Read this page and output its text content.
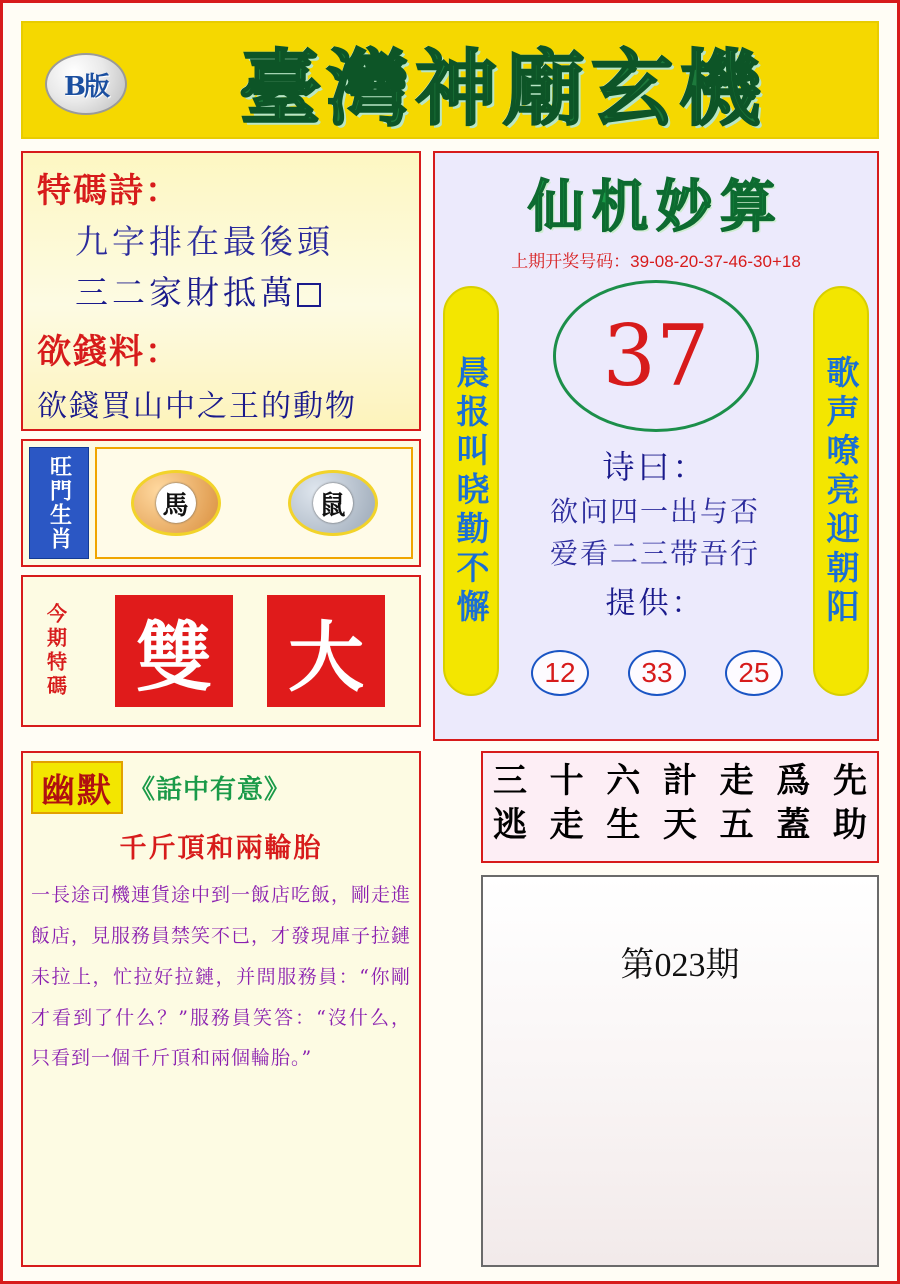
B版	臺灣神廟玄機
特碼詩：
九字排在最後頭
三二家財抵萬
欲錢料：
欲錢買山中之王的動物
旺門生肖	馬	鼠
今期特碼 雙 大
仙机妙算
上期开奖号码：39-08-20-37-46-30+18
晨报叫晓勤不懈	歌声嘹亮迎朝阳
37
诗曰：
欲问四一出与否
爱看二三带吾行
提供：
12	33	25
三 十 六 計 走 爲 先
逃 走 生 天 五 蓋 助
第023期
幽默 《話中有意》
千斤頂和兩輪胎
一長途司機連貨途中到一飯店吃飯，剛走進飯店，見服務員禁笑不已，才發現庫子拉鏈未拉上，忙拉好拉鏈，并問服務員：“你剛才看到了什么？”服務員笑答：“沒什么，只看到一個千斤頂和兩個輪胎。”
